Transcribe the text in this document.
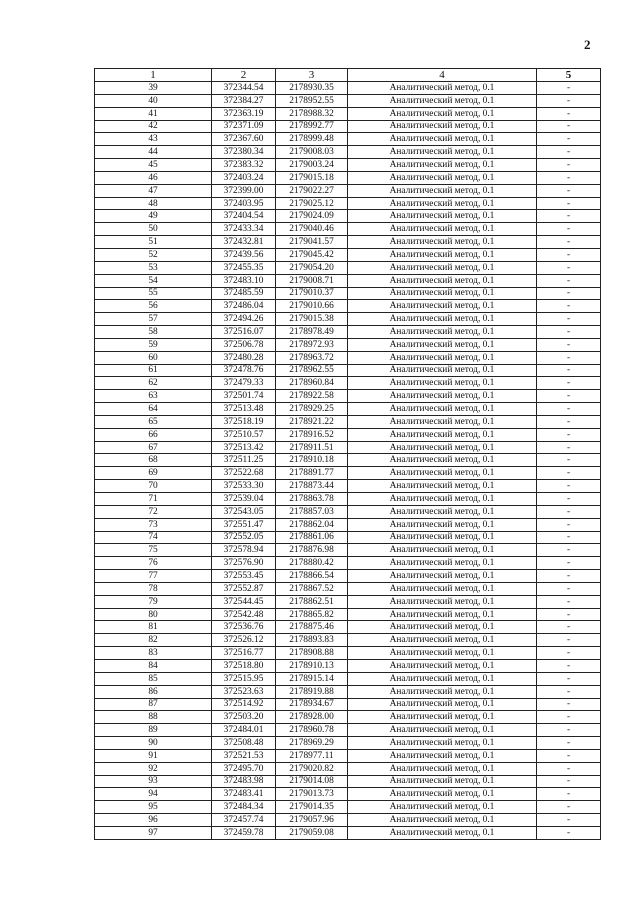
2
1	2	3	4	5
39	372344.54	2178930.35	Аналитический метод, 0.1	-
40	372384.27	2178952.55	Аналитический метод, 0.1	-
41	372363.19	2178988.32	Аналитический метод, 0.1	-
42	372371.09	2178992.77	Аналитический метод, 0.1	-
43	372367.60	2178999.48	Аналитический метод, 0.1	-
44	372380.34	2179008.03	Аналитический метод, 0.1	-
45	372383.32	2179003.24	Аналитический метод, 0.1	-
46	372403.24	2179015.18	Аналитический метод, 0.1	-
47	372399.00	2179022.27	Аналитический метод, 0.1	-
48	372403.95	2179025.12	Аналитический метод, 0.1	-
49	372404.54	2179024.09	Аналитический метод, 0.1	-
50	372433.34	2179040.46	Аналитический метод, 0.1	-
51	372432.81	2179041.57	Аналитический метод, 0.1	-
52	372439.56	2179045.42	Аналитический метод, 0.1	-
53	372455.35	2179054.20	Аналитический метод, 0.1	-
54	372483.10	2179008.71	Аналитический метод, 0.1	-
55	372485.59	2179010.37	Аналитический метод, 0.1	-
56	372486.04	2179010.66	Аналитический метод, 0.1	-
57	372494.26	2179015.38	Аналитический метод, 0.1	-
58	372516.07	2178978.49	Аналитический метод, 0.1	-
59	372506.78	2178972.93	Аналитический метод, 0.1	-
60	372480.28	2178963.72	Аналитический метод, 0.1	-
61	372478.76	2178962.55	Аналитический метод, 0.1	-
62	372479.33	2178960.84	Аналитический метод, 0.1	-
63	372501.74	2178922.58	Аналитический метод, 0.1	-
64	372513.48	2178929.25	Аналитический метод, 0.1	-
65	372518.19	2178921.22	Аналитический метод, 0.1	-
66	372510.57	2178916.52	Аналитический метод, 0.1	-
67	372513.42	2178911.51	Аналитический метод, 0.1	-
68	372511.25	2178910.18	Аналитический метод, 0.1	-
69	372522.68	2178891.77	Аналитический метод, 0.1	-
70	372533.30	2178873.44	Аналитический метод, 0.1	-
71	372539.04	2178863.78	Аналитический метод, 0.1	-
72	372543.05	2178857.03	Аналитический метод, 0.1	-
73	372551.47	2178862.04	Аналитический метод, 0.1	-
74	372552.05	2178861.06	Аналитический метод, 0.1	-
75	372578.94	2178876.98	Аналитический метод, 0.1	-
76	372576.90	2178880.42	Аналитический метод, 0.1	-
77	372553.45	2178866.54	Аналитический метод, 0.1	-
78	372552.87	2178867.52	Аналитический метод, 0.1	-
79	372544.45	2178862.51	Аналитический метод, 0.1	-
80	372542.48	2178865.82	Аналитический метод, 0.1	-
81	372536.76	2178875.46	Аналитический метод, 0.1	-
82	372526.12	2178893.83	Аналитический метод, 0.1	-
83	372516.77	2178908.88	Аналитический метод, 0.1	-
84	372518.80	2178910.13	Аналитический метод, 0.1	-
85	372515.95	2178915.14	Аналитический метод, 0.1	-
86	372523.63	2178919.88	Аналитический метод, 0.1	-
87	372514.92	2178934.67	Аналитический метод, 0.1	-
88	372503.20	2178928.00	Аналитический метод, 0.1	-
89	372484.01	2178960.78	Аналитический метод, 0.1	-
90	372508.48	2178969.29	Аналитический метод, 0.1	-
91	372521.53	2178977.11	Аналитический метод, 0.1	-
92	372495.70	2179020.82	Аналитический метод, 0.1	-
93	372483.98	2179014.08	Аналитический метод, 0.1	-
94	372483.41	2179013.73	Аналитический метод, 0.1	-
95	372484.34	2179014.35	Аналитический метод, 0.1	-
96	372457.74	2179057.96	Аналитический метод, 0.1	-
97	372459.78	2179059.08	Аналитический метод, 0.1	-
